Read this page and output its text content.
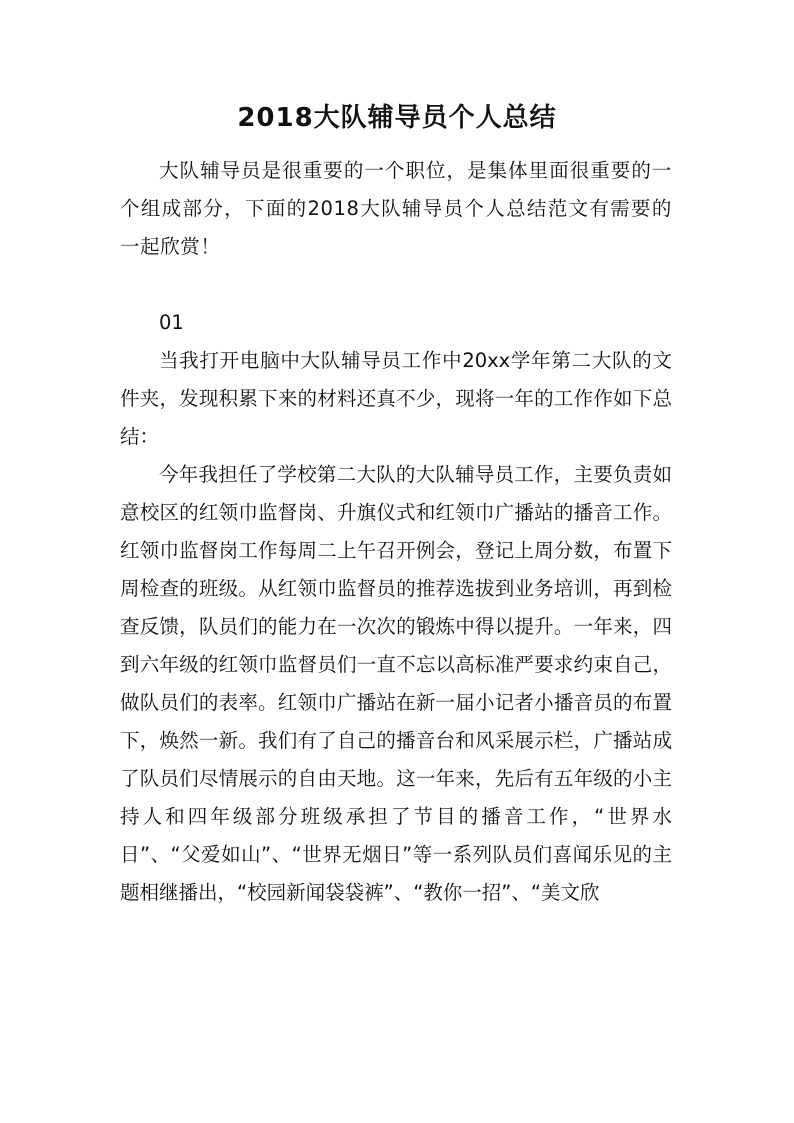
2018大队辅导员个人总结

大队辅导员是很重要的一个职位，是集体里面很重要的一个组成部分，下面的2018大队辅导员个人总结范文有需要的一起欣赏！

01

当我打开电脑中大队辅导员工作中20xx学年第二大队的文件夹，发现积累下来的材料还真不少，现将一年的工作作如下总结：

今年我担任了学校第二大队的大队辅导员工作，主要负责如意校区的红领巾监督岗、升旗仪式和红领巾广播站的播音工作。红领巾监督岗工作每周二上午召开例会，登记上周分数，布置下周检查的班级。从红领巾监督员的推荐选拔到业务培训，再到检查反馈，队员们的能力在一次次的锻炼中得以提升。一年来，四到六年级的红领巾监督员们一直不忘以高标准严要求约束自己，做队员们的表率。红领巾广播站在新一届小记者小播音员的布置下，焕然一新。我们有了自己的播音台和风采展示栏，广播站成了队员们尽情展示的自由天地。这一年来，先后有五年级的小主持人和四年级部分班级承担了节目的播音工作，“世界水日”、“父爱如山”、“世界无烟日”等一系列队员们喜闻乐见的主题相继播出，“校园新闻袋袋裤”、“教你一招”、“美文欣
